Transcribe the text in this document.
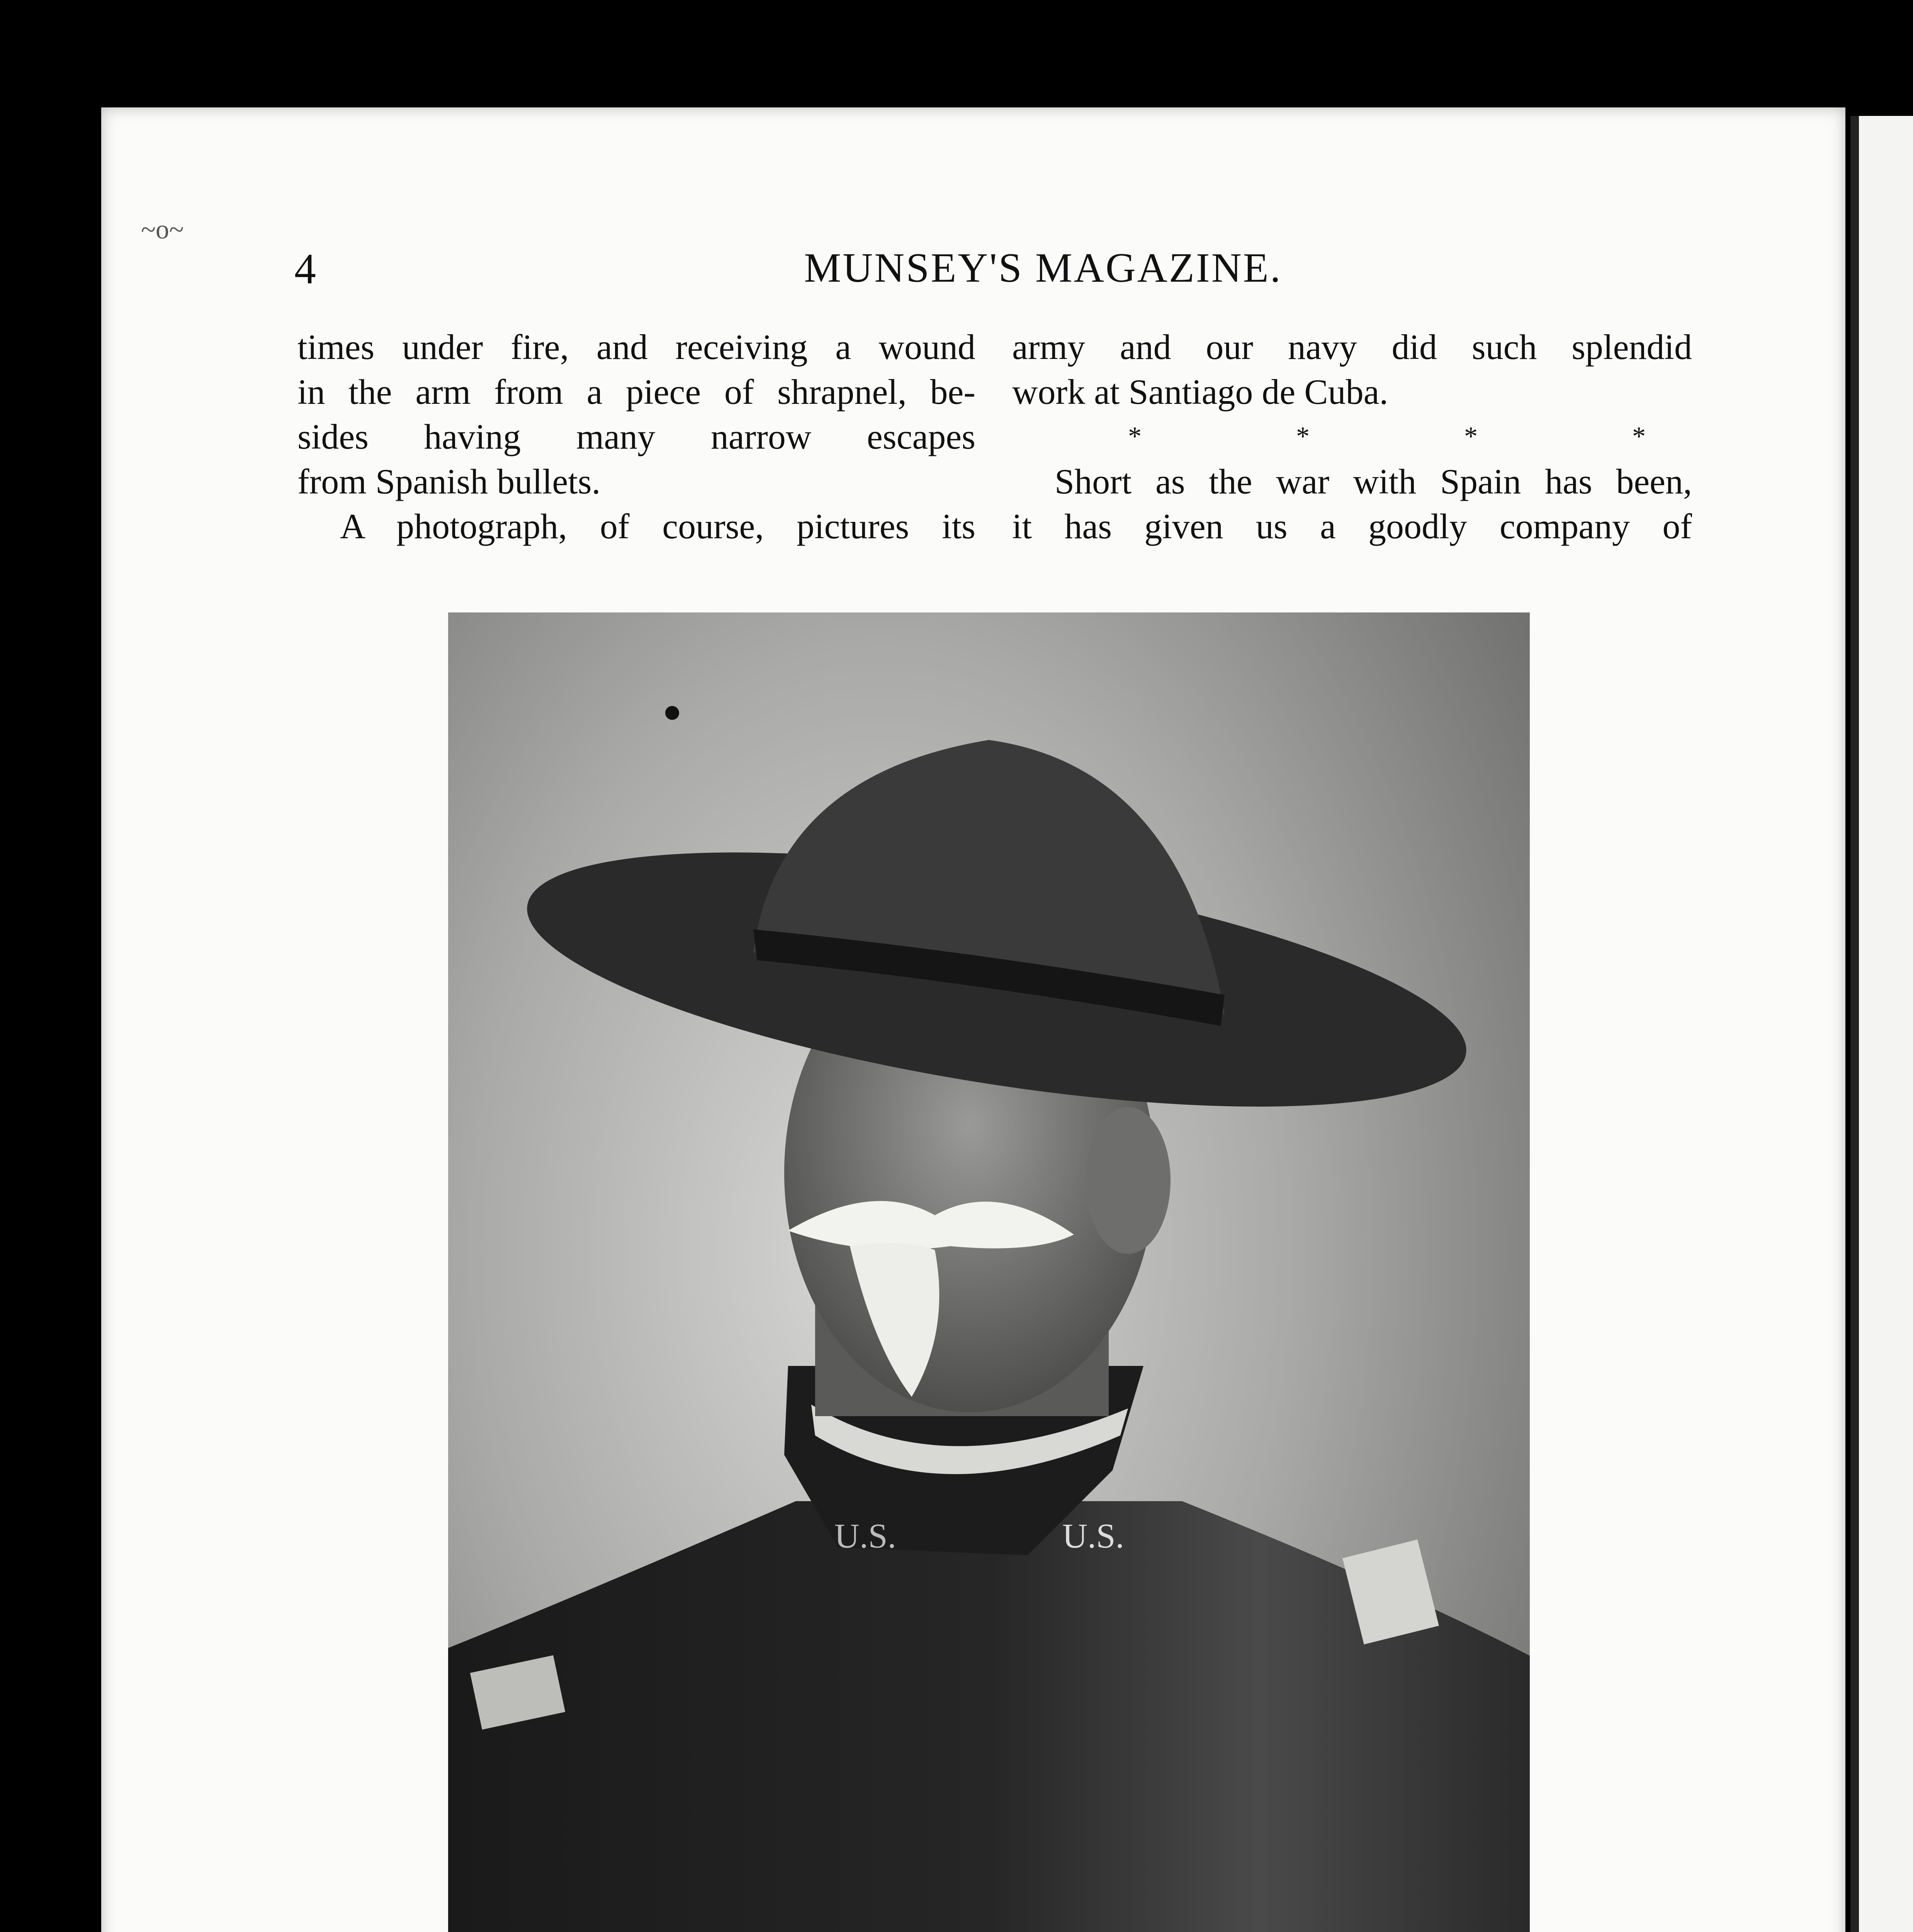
~o~
4	MUNSEY'S MAGAZINE.

times under fire, and receiving a wound

in the arm from a piece of shrapnel, be-

sides having many narrow escapes

from Spanish bullets.

A photograph, of course, pictures its

army and our navy did such splendid

work at Santiago de Cuba.

*	*	*	*

Short as the war with Spain has been,

it has given us a goodly company of

U.S.	U.S.
